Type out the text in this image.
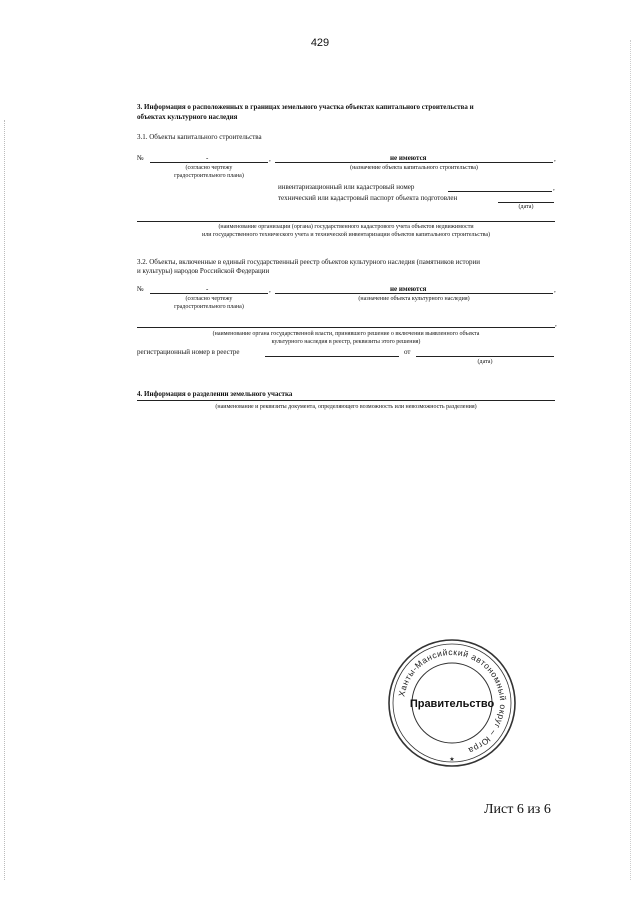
429
3. Информация о расположенных в границах земельного участка объектах капитального строительства и
объектах культурного наследия
3.1. Объекты капитального строительства
№	-	,	не имеются	,
(согласно чертежу
градостроительного плана)
(назначение объекта капитального строительства)
инвентаризационный или кадастровый номер	,
технический или кадастровый паспорт объекта подготовлен
(дата)
(наименование организации (органа) государственного кадастрового учета объектов недвижимости
или государственного технического учета и технической инвентаризации объектов капитального строительства)
3.2. Объекты, включенные в единый государственный реестр объектов культурного наследия (памятников истории
и культуры) народов Российской Федерации
№	-	,	не имеются	,
(согласно чертежу
градостроительного плана)
(назначение объекта культурного наследия)
,
(наименование органа государственной власти, принявшего решение о включении выявленного объекта
культурного наследия в реестр, реквизиты этого решения)
регистрационный номер в реестре	от
(дата)
4. Информация о разделении земельного участка
(наименование и реквизиты документа, определяющего возможность или невозможность разделения)
Ханты-Мансийский автономный округ – Югра
Правительство
★
Лист 6 из 6
